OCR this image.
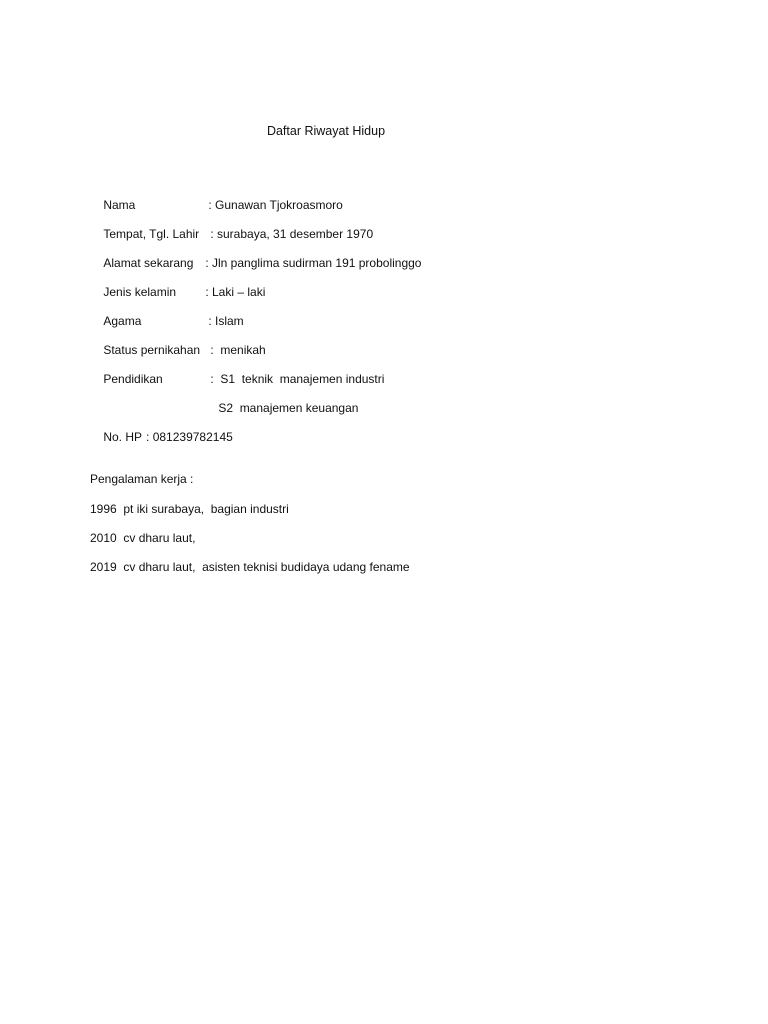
Daftar Riwayat Hidup

Nama	: Gunawan Tjokroasmoro

Tempat, Tgl. Lahir : surabaya, 31 desember 1970

Alamat sekarang : Jln panglima sudirman 191 probolinggo

Jenis kelamin : Laki – laki

Agama	: Islam

Status pernikahan :  menikah

Pendidikan	:  S1  teknik  manajemen industri

S2  manajemen keuangan

No. HP : 081239782145

Pengalaman kerja :
1996  pt iki surabaya,  bagian industri
2010  cv dharu laut,
2019  cv dharu laut,  asisten teknisi budidaya udang fename
